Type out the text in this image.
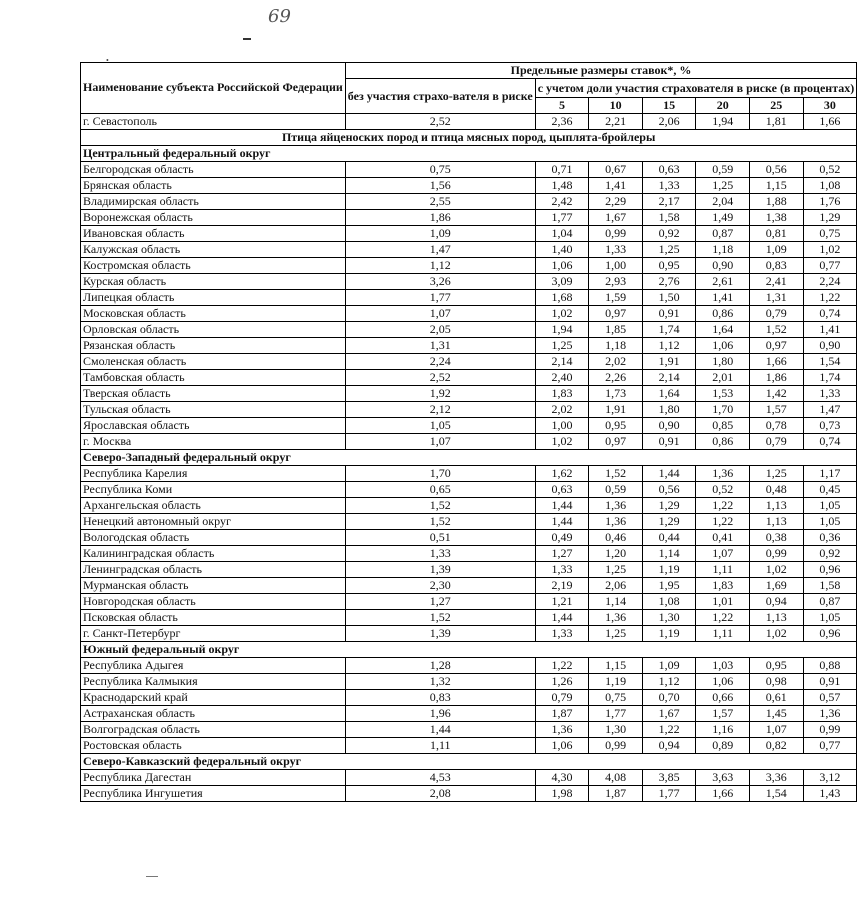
69
•
Наименование субъекта Российской Федерации	Предельные размеры ставок*, %						
	без участия страхо-вателя в риске	с учетом доли участия страхователя в риске (в процентах)					
		5	10	15	20	25	30
г. Севастополь	2,52	2,36	2,21	2,06	1,94	1,81	1,66
Птица яйценоских пород и птица мясных пород, цыплята-бройлеры							
Центральный федеральный округ							
Белгородская область	0,75	0,71	0,67	0,63	0,59	0,56	0,52
Брянская область	1,56	1,48	1,41	1,33	1,25	1,15	1,08
Владимирская область	2,55	2,42	2,29	2,17	2,04	1,88	1,76
Воронежская область	1,86	1,77	1,67	1,58	1,49	1,38	1,29
Ивановская область	1,09	1,04	0,99	0,92	0,87	0,81	0,75
Калужская область	1,47	1,40	1,33	1,25	1,18	1,09	1,02
Костромская область	1,12	1,06	1,00	0,95	0,90	0,83	0,77
Курская область	3,26	3,09	2,93	2,76	2,61	2,41	2,24
Липецкая область	1,77	1,68	1,59	1,50	1,41	1,31	1,22
Московская область	1,07	1,02	0,97	0,91	0,86	0,79	0,74
Орловская область	2,05	1,94	1,85	1,74	1,64	1,52	1,41
Рязанская область	1,31	1,25	1,18	1,12	1,06	0,97	0,90
Смоленская область	2,24	2,14	2,02	1,91	1,80	1,66	1,54
Тамбовская область	2,52	2,40	2,26	2,14	2,01	1,86	1,74
Тверская область	1,92	1,83	1,73	1,64	1,53	1,42	1,33
Тульская область	2,12	2,02	1,91	1,80	1,70	1,57	1,47
Ярославская область	1,05	1,00	0,95	0,90	0,85	0,78	0,73
г. Москва	1,07	1,02	0,97	0,91	0,86	0,79	0,74
Северо-Западный федеральный округ							
Республика Карелия	1,70	1,62	1,52	1,44	1,36	1,25	1,17
Республика Коми	0,65	0,63	0,59	0,56	0,52	0,48	0,45
Архангельская область	1,52	1,44	1,36	1,29	1,22	1,13	1,05
Ненецкий автономный округ	1,52	1,44	1,36	1,29	1,22	1,13	1,05
Вологодская область	0,51	0,49	0,46	0,44	0,41	0,38	0,36
Калининградская область	1,33	1,27	1,20	1,14	1,07	0,99	0,92
Ленинградская область	1,39	1,33	1,25	1,19	1,11	1,02	0,96
Мурманская область	2,30	2,19	2,06	1,95	1,83	1,69	1,58
Новгородская область	1,27	1,21	1,14	1,08	1,01	0,94	0,87
Псковская область	1,52	1,44	1,36	1,30	1,22	1,13	1,05
г. Санкт-Петербург	1,39	1,33	1,25	1,19	1,11	1,02	0,96
Южный федеральный округ							
Республика Адыгея	1,28	1,22	1,15	1,09	1,03	0,95	0,88
Республика Калмыкия	1,32	1,26	1,19	1,12	1,06	0,98	0,91
Краснодарский край	0,83	0,79	0,75	0,70	0,66	0,61	0,57
Астраханская область	1,96	1,87	1,77	1,67	1,57	1,45	1,36
Волгоградская область	1,44	1,36	1,30	1,22	1,16	1,07	0,99
Ростовская область	1,11	1,06	0,99	0,94	0,89	0,82	0,77
Северо-Кавказский федеральный округ							
Республика Дагестан	4,53	4,30	4,08	3,85	3,63	3,36	3,12
Республика Ингушетия	2,08	1,98	1,87	1,77	1,66	1,54	1,43
